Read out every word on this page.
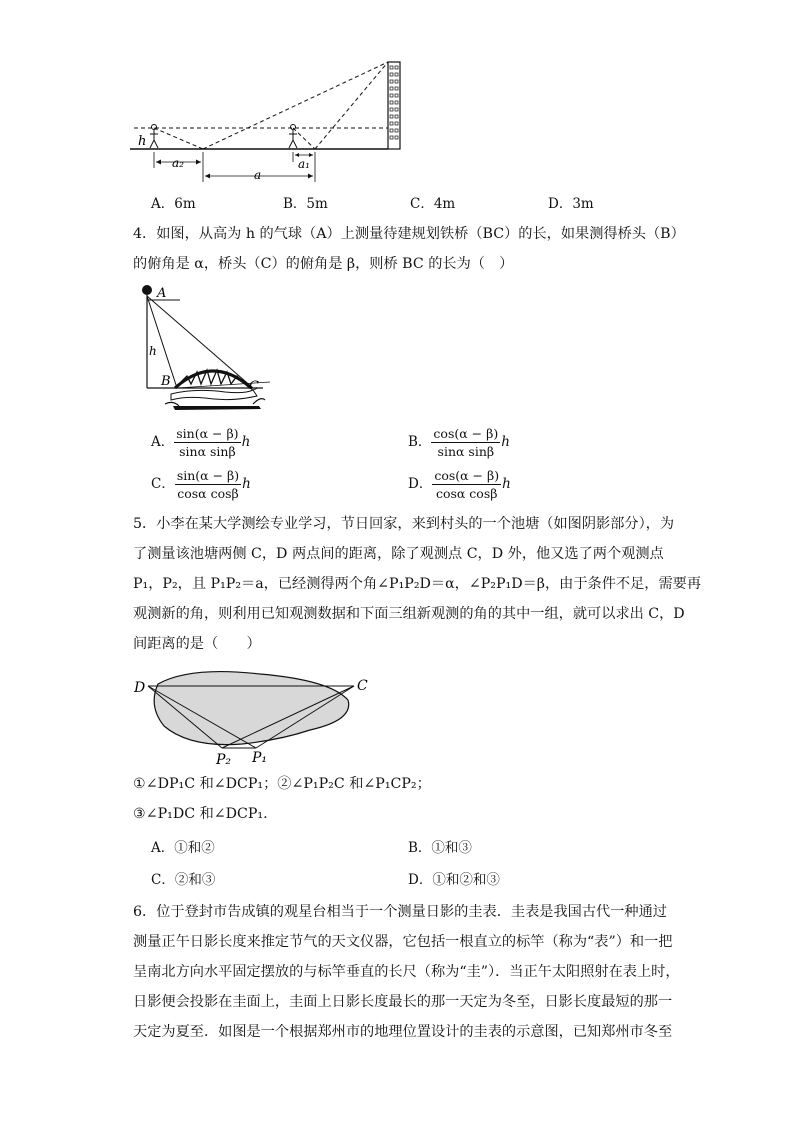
h
a₂
a
a₁
A．6m	B．5m	C．4m	D．3m
4．如图，从高为 h 的气球（A）上测量待建规划铁桥（BC）的长，如果测得桥头（B）
的俯角是 α，桥头（C）的俯角是 β，则桥 BC 的长为（　）
A
h
B	C
A． $\frac{\sin(\alpha - \beta)}{\text{sinα sinβ}}$ h	B． $\frac{\cos(\alpha - \beta)}{\text{sinα sinβ}}$ h
C． $\frac{\sin(\alpha - \beta)}{\text{cosα cosβ}}$ h	D． $\frac{\cos(\alpha - \beta)}{\text{cosα cosβ}}$ h
5．小李在某大学测绘专业学习，节日回家，来到村头的一个池塘（如图阴影部分），为
了测量该池塘两侧 C，D 两点间的距离，除了观测点 C，D 外，他又选了两个观测点
P₁，P₂，且 P₁P₂＝a，已经测得两个角∠P₁P₂D＝α，∠P₂P₁D＝β，由于条件不足，需要再
观测新的角，则利用已知观测数据和下面三组新观测的角的其中一组，就可以求出 C，D
间距离的是（　　）
D	C
P₂ P₁
①∠DP₁C 和∠DCP₁；②∠P₁P₂C 和∠P₁CP₂；
③∠P₁DC 和∠DCP₁.
A．①和②	B．①和③
C．②和③	D．①和②和③
6．位于登封市告成镇的观星台相当于一个测量日影的圭表．圭表是我国古代一种通过
测量正午日影长度来推定节气的天文仪器，它包括一根直立的标竿（称为“表”）和一把
呈南北方向水平固定摆放的与标竿垂直的长尺（称为“圭”）．当正午太阳照射在表上时，
日影便会投影在圭面上，圭面上日影长度最长的那一天定为冬至，日影长度最短的那一
天定为夏至．如图是一个根据郑州市的地理位置设计的圭表的示意图，已知郑州市冬至
